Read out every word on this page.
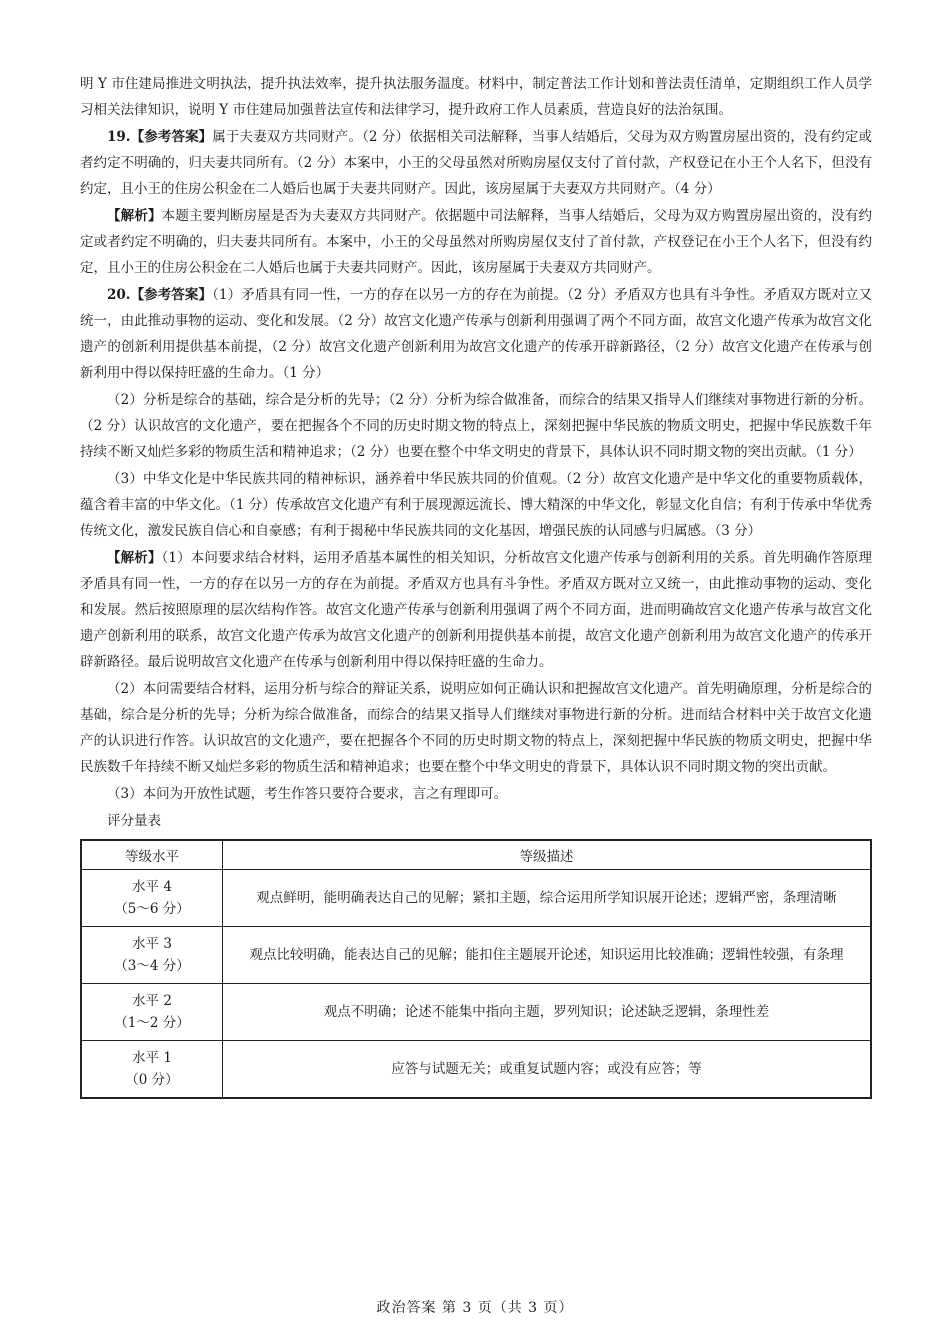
明 Y 市住建局推进文明执法，提升执法效率，提升执法服务温度。材料中，制定普法工作计划和普法责任清单，定期组织工作人员学习相关法律知识，说明 Y 市住建局加强普法宣传和法律学习，提升政府工作人员素质，营造良好的法治氛围。

19.【参考答案】属于夫妻双方共同财产。（2 分）依据相关司法解释，当事人结婚后，父母为双方购置房屋出资的，没有约定或者约定不明确的，归夫妻共同所有。（2 分）本案中，小王的父母虽然对所购房屋仅支付了首付款，产权登记在小王个人名下，但没有约定，且小王的住房公积金在二人婚后也属于夫妻共同财产。因此，该房屋属于夫妻双方共同财产。（4 分）

【解析】本题主要判断房屋是否为夫妻双方共同财产。依据题中司法解释，当事人结婚后，父母为双方购置房屋出资的，没有约定或者约定不明确的，归夫妻共同所有。本案中，小王的父母虽然对所购房屋仅支付了首付款，产权登记在小王个人名下，但没有约定，且小王的住房公积金在二人婚后也属于夫妻共同财产。因此，该房屋属于夫妻双方共同财产。

20.【参考答案】（1）矛盾具有同一性，一方的存在以另一方的存在为前提。（2 分）矛盾双方也具有斗争性。矛盾双方既对立又统一，由此推动事物的运动、变化和发展。（2 分）故宫文化遗产传承与创新利用强调了两个不同方面，故宫文化遗产传承为故宫文化遗产的创新利用提供基本前提，（2 分）故宫文化遗产创新利用为故宫文化遗产的传承开辟新路径，（2 分）故宫文化遗产在传承与创新利用中得以保持旺盛的生命力。（1 分）

（2）分析是综合的基础，综合是分析的先导；（2 分）分析为综合做准备，而综合的结果又指导人们继续对事物进行新的分析。（2 分）认识故宫的文化遗产，要在把握各个不同的历史时期文物的特点上，深刻把握中华民族的物质文明史，把握中华民族数千年持续不断又灿烂多彩的物质生活和精神追求；（2 分）也要在整个中华文明史的背景下，具体认识不同时期文物的突出贡献。（1 分）

（3）中华文化是中华民族共同的精神标识，涵养着中华民族共同的价值观。（2 分）故宫文化遗产是中华文化的重要物质载体，蕴含着丰富的中华文化。（1 分）传承故宫文化遗产有利于展现源远流长、博大精深的中华文化，彰显文化自信；有利于传承中华优秀传统文化，激发民族自信心和自豪感；有利于揭秘中华民族共同的文化基因，增强民族的认同感与归属感。（3 分）

【解析】（1）本问要求结合材料，运用矛盾基本属性的相关知识，分析故宫文化遗产传承与创新利用的关系。首先明确作答原理矛盾具有同一性，一方的存在以另一方的存在为前提。矛盾双方也具有斗争性。矛盾双方既对立又统一，由此推动事物的运动、变化和发展。然后按照原理的层次结构作答。故宫文化遗产传承与创新利用强调了两个不同方面，进而明确故宫文化遗产传承与故宫文化遗产创新利用的联系，故宫文化遗产传承为故宫文化遗产的创新利用提供基本前提，故宫文化遗产创新利用为故宫文化遗产的传承开辟新路径。最后说明故宫文化遗产在传承与创新利用中得以保持旺盛的生命力。

（2）本问需要结合材料，运用分析与综合的辩证关系，说明应如何正确认识和把握故宫文化遗产。首先明确原理，分析是综合的基础，综合是分析的先导；分析为综合做准备，而综合的结果又指导人们继续对事物进行新的分析。进而结合材料中关于故宫文化遗产的认识进行作答。认识故宫的文化遗产，要在把握各个不同的历史时期文物的特点上，深刻把握中华民族的物质文明史，把握中华民族数千年持续不断又灿烂多彩的物质生活和精神追求；也要在整个中华文明史的背景下，具体认识不同时期文物的突出贡献。

（3）本问为开放性试题，考生作答只要符合要求，言之有理即可。

评分量表

等级水平	等级描述

水平 4
（5～6 分）	观点鲜明，能明确表达自己的见解；紧扣主题，综合运用所学知识展开论述；逻辑严密，条理清晰

水平 3
（3～4 分）	观点比较明确，能表达自己的见解；能扣住主题展开论述，知识运用比较准确；逻辑性较强，有条理

水平 2
（1～2 分）	观点不明确；论述不能集中指向主题，罗列知识；论述缺乏逻辑，条理性差

水平 1
（0 分）	应答与试题无关；或重复试题内容；或没有应答；等
政治答案 第 3 页（共 3 页）
